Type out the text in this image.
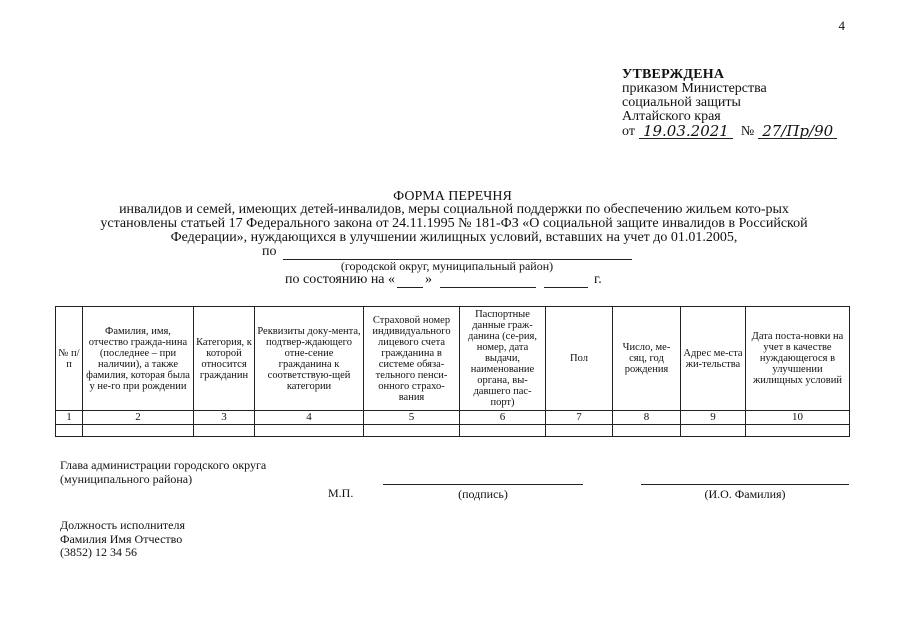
4
УТВЕРЖДЕНА
приказом Министерства
социальной защиты
Алтайского края
от 19.03.2021 № 27/Пр/90
ФОРМА ПЕРЕЧНЯ
инвалидов и семей, имеющих детей-инвалидов, меры социальной поддержки по обеспечению жильем кото-рых установлены статьей 17 Федерального закона от 24.11.1995 № 181-ФЗ «О социальной защите инвалидов в Российской Федерации», нуждающихся в улучшении жилищных условий, вставших на учет до 01.01.2005,
по
(городской округ, муниципальный район)
по состоянию на « »	г.
№ п/п	Фамилия, имя, отчество гражда-нина (последнее – при наличии), а также фамилия, которая была у не-го при рождении	Категория, к которой относится гражданин	Реквизиты доку-мента, подтвер-ждающего отне-сение гражданина к соответствую-щей категории	Страховой номер индивидуального лицевого счета гражданина в системе обяза-тельного пенси-онного страхо-вания	Паспортные данные граж-данина (се-рия, номер, дата выдачи, наименование органа, вы-давшего пас-порт)	Пол	Число, ме-сяц, год рождения	Адрес ме-ста жи-тельства	Дата поста-новки на учет в качестве нуждающегося в улучшении жилищных условий
1	2	3	4	5	6	7	8	9	10

Глава администрации городского округа
(муниципального района)
М.П.	(подпись)	(И.О. Фамилия)
Должность исполнителя
Фамилия Имя Отчество
(3852) 12 34 56
